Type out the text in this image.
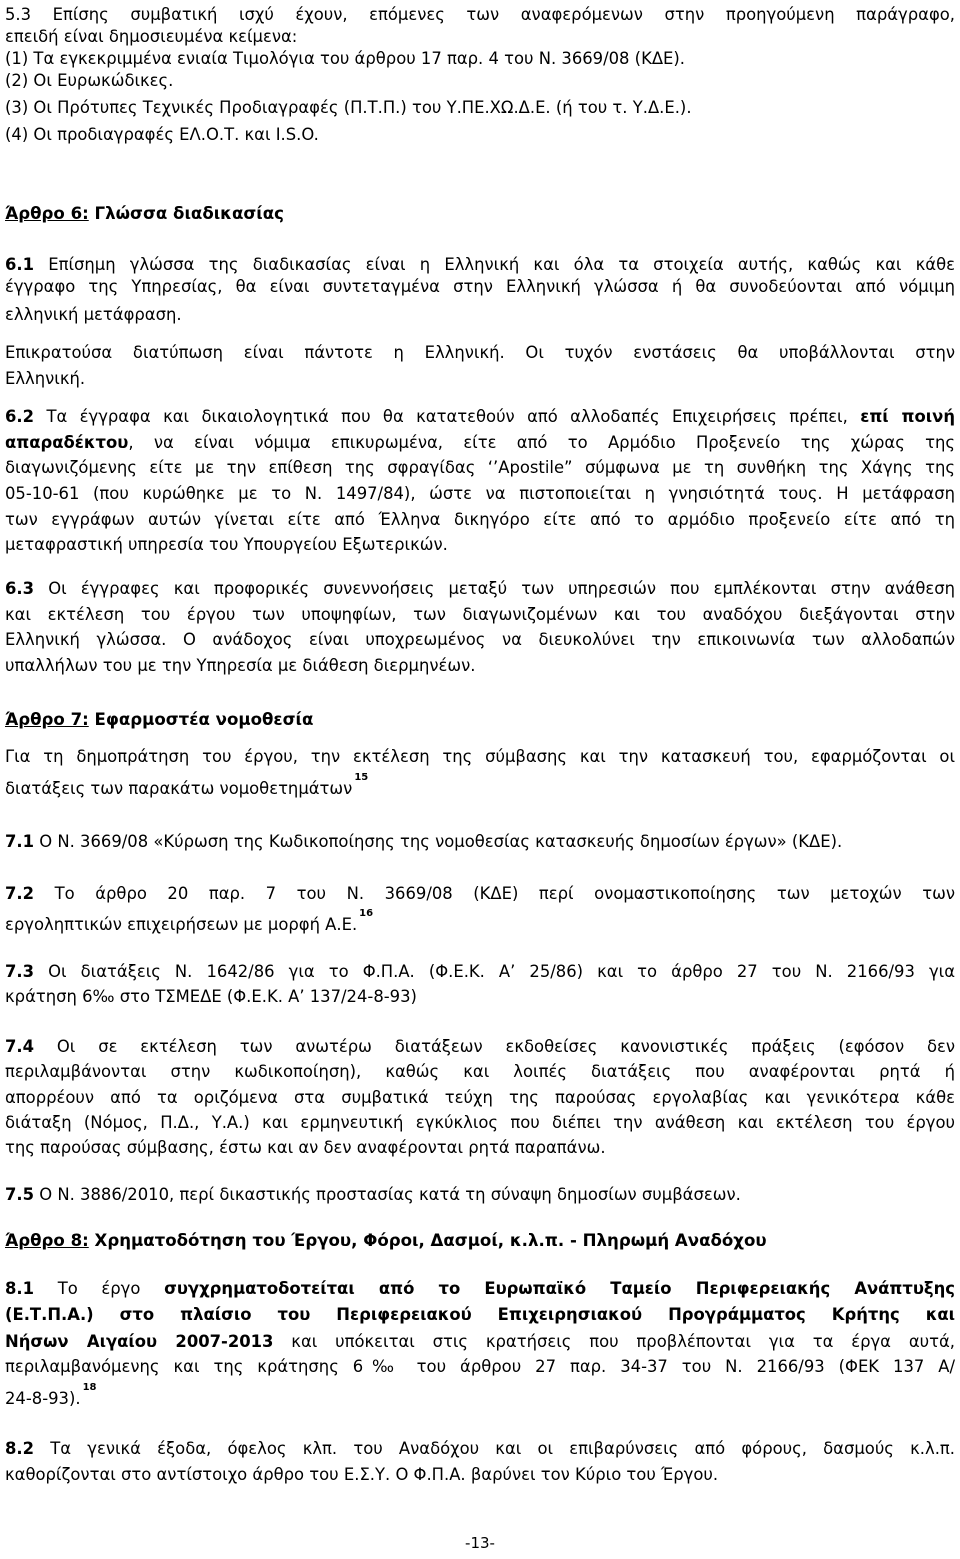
5.3 Επίσης συμβατική ισχύ έχουν, επόμενες των αναφερόμενων στην προηγούμενη παράγραφο,
επειδή είναι δημοσιευμένα κείμενα:
(1) Τα εγκεκριμμένα ενιαία Τιμολόγια του άρθρου 17 παρ. 4 του Ν. 3669/08 (ΚΔΕ).
(2) Οι Ευρωκώδικες.
(3) Οι Πρότυπες Τεχνικές Προδιαγραφές (Π.Τ.Π.) του Υ.ΠΕ.ΧΩ.Δ.Ε. (ή του τ. Υ.Δ.Ε.).
(4) Οι προδιαγραφές ΕΛ.Ο.Τ. και I.S.O.
Άρθρο 6: Γλώσσα διαδικασίας
6.1 Επίσημη γλώσσα της διαδικασίας είναι η Ελληνική και όλα τα στοιχεία αυτής, καθώς και κάθε
έγγραφο της Υπηρεσίας, θα είναι συντεταγμένα στην Ελληνική γλώσσα ή θα συνοδεύονται από νόμιμη
ελληνική μετάφραση.
Επικρατούσα διατύπωση είναι πάντοτε η Ελληνική. Οι τυχόν ενστάσεις θα υποβάλλονται στην
Ελληνική.
6.2 Τα έγγραφα και δικαιολογητικά που θα κατατεθούν από αλλοδαπές Επιχειρήσεις πρέπει, επί ποινή
απαραδέκτου, να είναι νόμιμα επικυρωμένα, είτε από το Αρμόδιο Προξενείο της χώρας της
διαγωνιζόμενης είτε με την επίθεση της σφραγίδας ‘’Apostile” σύμφωνα με τη συνθήκη της Χάγης της
05-10-61 (που κυρώθηκε με το Ν. 1497/84), ώστε να πιστοποιείται η γνησιότητά τους. Η μετάφραση
των εγγράφων αυτών γίνεται είτε από Έλληνα δικηγόρο είτε από το αρμόδιο προξενείο είτε από τη
μεταφραστική υπηρεσία του Υπουργείου Εξωτερικών.
6.3 Οι έγγραφες και προφορικές συνεννοήσεις μεταξύ των υπηρεσιών που εμπλέκονται στην ανάθεση
και εκτέλεση του έργου των υποψηφίων, των διαγωνιζομένων και του αναδόχου διεξάγονται στην
Ελληνική γλώσσα. Ο ανάδοχος είναι υποχρεωμένος να διευκολύνει την επικοινωνία των αλλοδαπών
υπαλλήλων του με την Υπηρεσία με διάθεση διερμηνέων.
Άρθρο 7: Εφαρμοστέα νομοθεσία
Για τη δημοπράτηση του έργου, την εκτέλεση της σύμβασης και την κατασκευή του, εφαρμόζονται οι
διατάξεις των παρακάτω νομοθετημάτων$^{15}$
7.1 Ο Ν. 3669/08 «Κύρωση της Κωδικοποίησης της νομοθεσίας κατασκευής δημοσίων έργων» (ΚΔΕ).
7.2 Το άρθρο 20 παρ. 7 του Ν. 3669/08 (ΚΔΕ) περί ονομαστικοποίησης των μετοχών των
εργοληπτικών επιχειρήσεων με μορφή Α.Ε.$^{16}$
7.3 Οι διατάξεις Ν. 1642/86 για το Φ.Π.Α. (Φ.Ε.Κ. Α’ 25/86) και το άρθρο 27 του Ν. 2166/93 για
κράτηση 6‰ στο ΤΣΜΕΔΕ (Φ.Ε.Κ. Α’ 137/24-8-93)
7.4 Οι σε εκτέλεση των ανωτέρω διατάξεων εκδοθείσες κανονιστικές πράξεις (εφόσον δεν
περιλαμβάνονται στην κωδικοποίηση), καθώς και λοιπές διατάξεις που αναφέρονται ρητά ή
απορρέουν από τα οριζόμενα στα συμβατικά τεύχη της παρούσας εργολαβίας και γενικότερα κάθε
διάταξη (Νόμος, Π.Δ., Υ.Α.) και ερμηνευτική εγκύκλιος που διέπει την ανάθεση και εκτέλεση του έργου
της παρούσας σύμβασης, έστω και αν δεν αναφέρονται ρητά παραπάνω.
7.5 Ο Ν. 3886/2010, περί δικαστικής προστασίας κατά τη σύναψη δημοσίων συμβάσεων.
Άρθρο 8: Χρηματοδότηση του Έργου, Φόροι, Δασμοί, κ.λ.π. - Πληρωμή Αναδόχου
8.1 Το έργο συγχρηματοδοτείται από το Ευρωπαϊκό Ταμείο Περιφερειακής Ανάπτυξης
(Ε.Τ.Π.Α.) στο πλαίσιο του Περιφερειακού Επιχειρησιακού Προγράμματος Κρήτης και
Νήσων Αιγαίου 2007-2013 και υπόκειται στις κρατήσεις που προβλέπονται για τα έργα αυτά,
περιλαμβανόμενης και της κράτησης 6‰ του άρθρου 27 παρ. 34-37 του Ν. 2166/93 (ΦΕΚ 137 Α/
24-8-93).$^{18}$
8.2 Τα γενικά έξοδα, όφελος κλπ. του Αναδόχου και οι επιβαρύνσεις από φόρους, δασμούς κ.λ.π.
καθορίζονται στο αντίστοιχο άρθρο του Ε.Σ.Υ. Ο Φ.Π.Α. βαρύνει τον Κύριο του Έργου.
-13-
